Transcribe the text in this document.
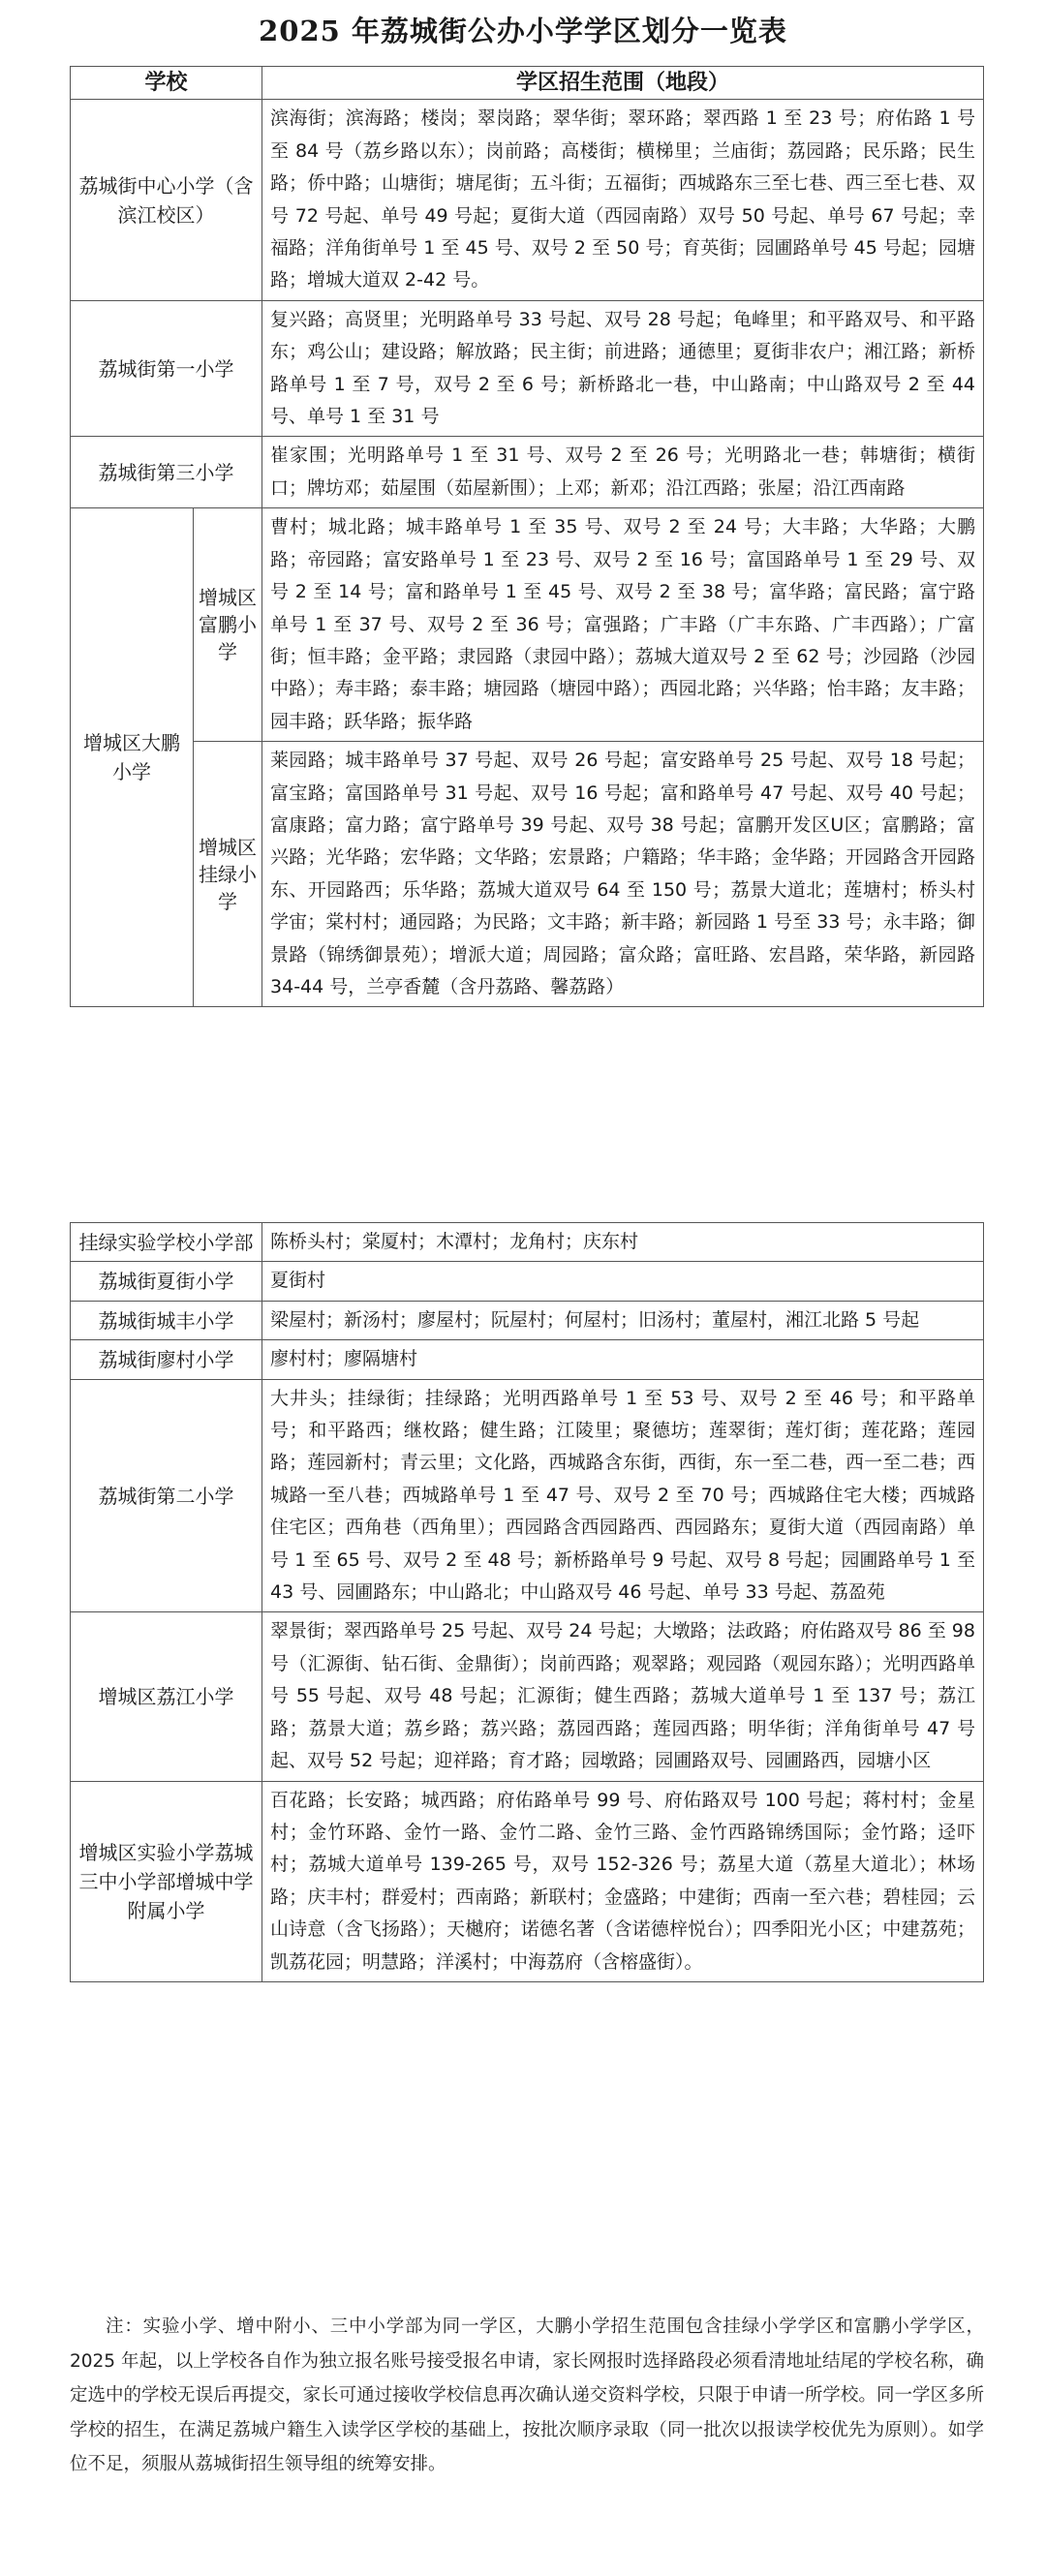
2025 年荔城街公办小学学区划分一览表
学校		学区招生范围（地段）
荔城街中心小学（含滨江校区）		滨海街；滨海路；楼岗；翠岗路；翠华街；翠环路；翠西路 1 至 23 号；府佑路 1 号至 84 号（荔乡路以东）；岗前路；高楼街；横梯里；兰庙街；荔园路；民乐路；民生路；侨中路；山塘街；塘尾街；五斗街；五福街；西城路东三至七巷、西三至七巷、双号 72 号起、单号 49 号起；夏街大道（西园南路）双号 50 号起、单号 67 号起；幸福路；洋角街单号 1 至 45 号、双号 2 至 50 号；育英街；园圃路单号 45 号起；园塘路；增城大道双 2-42 号。
荔城街第一小学		复兴路；高贤里；光明路单号 33 号起、双号 28 号起；龟峰里；和平路双号、和平路东；鸡公山；建设路；解放路；民主街；前进路；通德里；夏街非农户；湘江路；新桥路单号 1 至 7 号，双号 2 至 6 号；新桥路北一巷，中山路南；中山路双号 2 至 44 号、单号 1 至 31 号
荔城街第三小学		崔家围；光明路单号 1 至 31 号、双号 2 至 26 号；光明路北一巷；韩塘街；横街口；牌坊邓；茹屋围（茹屋新围）；上邓；新邓；沿江西路；张屋；沿江西南路
增城区大鹏小学	增城区富鹏小学	曹村；城北路；城丰路单号 1 至 35 号、双号 2 至 24 号；大丰路；大华路；大鹏路；帝园路；富安路单号 1 至 23 号、双号 2 至 16 号；富国路单号 1 至 29 号、双号 2 至 14 号；富和路单号 1 至 45 号、双号 2 至 38 号；富华路；富民路；富宁路单号 1 至 37 号、双号 2 至 36 号；富强路；广丰路（广丰东路、广丰西路）；广富街；恒丰路；金平路；隶园路（隶园中路）；荔城大道双号 2 至 62 号；沙园路（沙园中路）；寿丰路；泰丰路；塘园路（塘园中路）；西园北路；兴华路；怡丰路；友丰路；园丰路；跃华路；振华路
	增城区挂绿小学	莱园路；城丰路单号 37 号起、双号 26 号起；富安路单号 25 号起、双号 18 号起；富宝路；富国路单号 31 号起、双号 16 号起；富和路单号 47 号起、双号 40 号起；富康路；富力路；富宁路单号 39 号起、双号 38 号起；富鹏开发区U区；富鹏路；富兴路；光华路；宏华路；文华路；宏景路；户籍路；华丰路；金华路；开园路含开园路东、开园路西；乐华路；荔城大道双号 64 至 150 号；荔景大道北；莲塘村；桥头村学宙；棠村村；通园路；为民路；文丰路；新丰路；新园路 1 号至 33 号；永丰路；御景路（锦绣御景苑）；增派大道；周园路；富众路；富旺路、宏昌路，荣华路，新园路 34-44 号，兰亭香麓（含丹荔路、馨荔路）
挂绿实验学校小学部	陈桥头村；棠厦村；木潭村；龙角村；庆东村
荔城街夏街小学	夏街村
荔城街城丰小学	梁屋村；新汤村；廖屋村；阮屋村；何屋村；旧汤村；董屋村，湘江北路 5 号起
荔城街廖村小学	廖村村；廖隔塘村
荔城街第二小学	大井头；挂绿街；挂绿路；光明西路单号 1 至 53 号、双号 2 至 46 号；和平路单号；和平路西；继枚路；健生路；江陵里；聚德坊；莲翠街；莲灯街；莲花路；莲园路；莲园新村；青云里；文化路，西城路含东街，西街，东一至二巷，西一至二巷；西城路一至八巷；西城路单号 1 至 47 号、双号 2 至 70 号；西城路住宅大楼；西城路住宅区；西角巷（西角里）；西园路含西园路西、西园路东；夏街大道（西园南路）单号 1 至 65 号、双号 2 至 48 号；新桥路单号 9 号起、双号 8 号起；园圃路单号 1 至 43 号、园圃路东；中山路北；中山路双号 46 号起、单号 33 号起、荔盈苑
增城区荔江小学	翠景街；翠西路单号 25 号起、双号 24 号起；大墩路；法政路；府佑路双号 86 至 98 号（汇源街、钻石街、金鼎街）；岗前西路；观翠路；观园路（观园东路）；光明西路单号 55 号起、双号 48 号起；汇源街；健生西路；荔城大道单号 1 至 137 号；荔江路；荔景大道；荔乡路；荔兴路；荔园西路；莲园西路；明华街；洋角街单号 47 号起、双号 52 号起；迎祥路；育才路；园墩路；园圃路双号、园圃路西，园塘小区
增城区实验小学荔城三中小学部增城中学附属小学	百花路；长安路；城西路；府佑路单号 99 号、府佑路双号 100 号起；蒋村村；金星村；金竹环路、金竹一路、金竹二路、金竹三路、金竹西路锦绣国际；金竹路；迳吓村；荔城大道单号 139-265 号，双号 152-326 号；荔星大道（荔星大道北）；林场路；庆丰村；群爱村；西南路；新联村；金盛路；中建街；西南一至六巷；碧桂园；云山诗意（含飞扬路）；天樾府；诺德名著（含诺德梓悦台）；四季阳光小区；中建荔苑；凯荔花园；明慧路；洋溪村；中海荔府（含榕盛街）。
注：实验小学、增中附小、三中小学部为同一学区，大鹏小学招生范围包含挂绿小学学区和富鹏小学学区，2025 年起，以上学校各自作为独立报名账号接受报名申请，家长网报时选择路段必须看清地址结尾的学校名称，确定选中的学校无误后再提交，家长可通过接收学校信息再次确认递交资料学校，只限于申请一所学校。同一学区多所学校的招生，在满足荔城户籍生入读学区学校的基础上，按批次顺序录取（同一批次以报读学校优先为原则）。如学位不足，须服从荔城街招生领导组的统筹安排。
